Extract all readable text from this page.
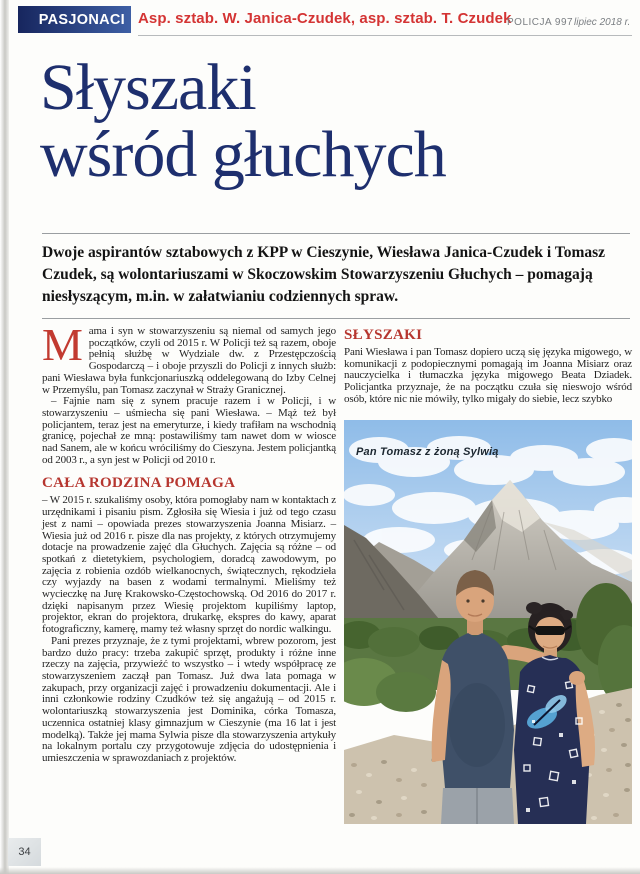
PASJONACI Asp. sztab. W. Janica-Czudek, asp. sztab. T. Czudek
POLICJA 997 lipiec 2018 r.
Słyszaki
wśród głuchych
Dwoje aspirantów sztabowych z KPP w Cieszynie, Wiesława Janica-Czudek i Tomasz Czudek, są wolontariuszami w Skoczowskim Stowarzyszeniu Głuchych – pomagają niesłyszącym, m.in. w załatwianiu codziennych spraw.

Mama i syn w stowarzyszeniu są niemal od samych jego początków, czyli od 2015 r. W Policji też są razem, oboje pełnią służbę w Wydziale dw. z Przestępczością Gospodarczą – i oboje przyszli do Policji z innych służb: pani Wiesława była funkcjonariuszką oddelegowaną do Izby Celnej w Przemyślu, pan Tomasz zaczynał w Straży Granicznej.

– Fajnie nam się z synem pracuje razem i w Policji, i w stowarzyszeniu – uśmiecha się pani Wiesława. – Mąż też był policjantem, teraz jest na emeryturze, i kiedy trafiłam na wschodnią granicę, pojechał ze mną: postawiliśmy tam nawet dom w wiosce nad Sanem, ale w końcu wróciliśmy do Cieszyna. Jestem policjantką od 2003 r., a syn jest w Policji od 2010 r.

CAŁA RODZINA POMAGA

– W 2015 r. szukaliśmy osoby, która pomogłaby nam w kontaktach z urzędnikami i pisaniu pism. Zgłosiła się Wiesia i już od tego czasu jest z nami – opowiada prezes stowarzyszenia Joanna Misiarz. – Wiesia już od 2016 r. pisze dla nas projekty, z których otrzymujemy dotacje na prowadzenie zajęć dla Głuchych. Zajęcia są różne – od spotkań z dietetykiem, psychologiem, doradcą zawodowym, po zajęcia z robienia ozdób wielkanocnych, świątecznych, rękodzieła czy wyjazdy na basen z wodami termalnymi. Mieliśmy też wycieczkę na Jurę Krakowsko-Częstochowską. Od 2016 do 2017 r. dzięki napisanym przez Wiesię projektom kupiliśmy laptop, projektor, ekran do projektora, drukarkę, ekspres do kawy, aparat fotograficzny, kamerę, mamy też własny sprzęt do nordic walkingu.

Pani prezes przyznaje, że z tymi projektami, wbrew pozorom, jest bardzo dużo pracy: trzeba zakupić sprzęt, produkty i różne inne rzeczy na zajęcia, przywieźć to wszystko – i wtedy współpracę ze stowarzyszeniem zaczął pan Tomasz. Już dwa lata pomaga w zakupach, przy organizacji zajęć i prowadzeniu dokumentacji. Ale i inni członkowie rodziny Czudków też się angażują – od 2015 r. wolontariuszką stowarzyszenia jest Dominika, córka Tomasza, uczennica ostatniej klasy gimnazjum w Cieszynie (ma 16 lat i jest modelką). Także jej mama Sylwia pisze dla stowarzyszenia artykuły na lokalnym portalu czy przygotowuje zdjęcia do udostępnienia i umieszczenia w sprawozdaniach z projektów.

SŁYSZAKI

Pani Wiesława i pan Tomasz dopiero uczą się języka migowego, w komunikacji z podopiecznymi pomagają im Joanna Misiarz oraz nauczycielka i tłumaczka języka migowego Beata Dziadek. Policjantka przyznaje, że na początku czuła się nieswojo wśród osób, które nic nie mówiły, tylko migały do siebie, lecz szybko

Pan Tomasz z żoną Sylwią
34
